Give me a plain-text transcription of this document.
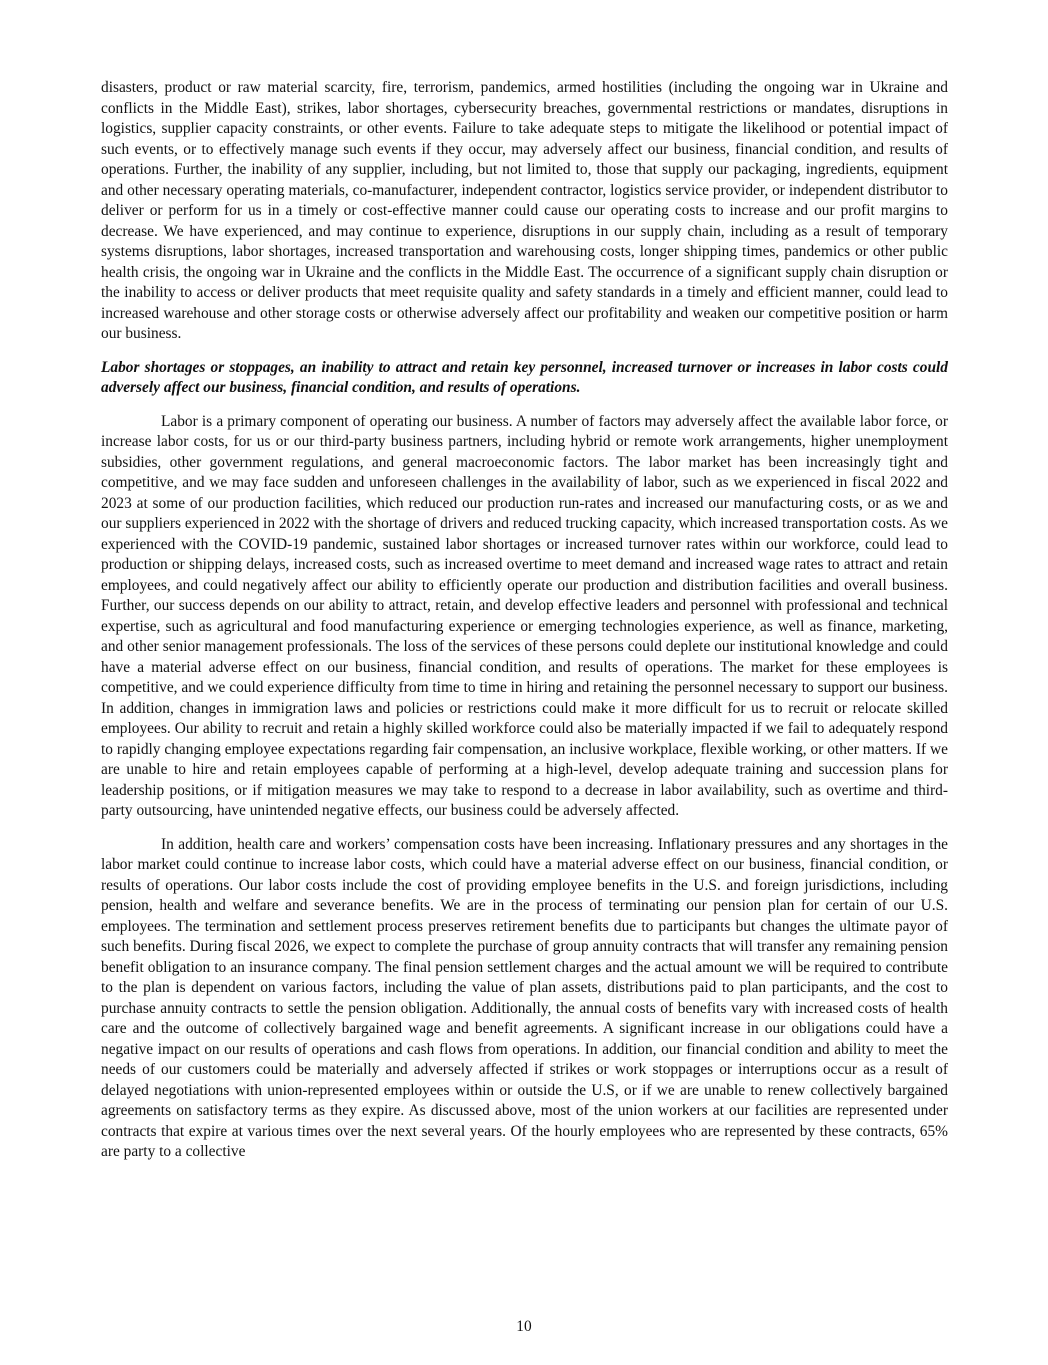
disasters, product or raw material scarcity, fire, terrorism, pandemics, armed hostilities (including the ongoing war in Ukraine and conflicts in the Middle East), strikes, labor shortages, cybersecurity breaches, governmental restrictions or mandates, disruptions in logistics, supplier capacity constraints, or other events. Failure to take adequate steps to mitigate the likelihood or potential impact of such events, or to effectively manage such events if they occur, may adversely affect our business, financial condition, and results of operations. Further, the inability of any supplier, including, but not limited to, those that supply our packaging, ingredients, equipment and other necessary operating materials, co-manufacturer, independent contractor, logistics service provider, or independent distributor to deliver or perform for us in a timely or cost-effective manner could cause our operating costs to increase and our profit margins to decrease. We have experienced, and may continue to experience, disruptions in our supply chain, including as a result of temporary systems disruptions, labor shortages, increased transportation and warehousing costs, longer shipping times, pandemics or other public health crisis, the ongoing war in Ukraine and the conflicts in the Middle East. The occurrence of a significant supply chain disruption or the inability to access or deliver products that meet requisite quality and safety standards in a timely and efficient manner, could lead to increased warehouse and other storage costs or otherwise adversely affect our profitability and weaken our competitive position or harm our business.

Labor shortages or stoppages, an inability to attract and retain key personnel, increased turnover or increases in labor costs could adversely affect our business, financial condition, and results of operations.

Labor is a primary component of operating our business. A number of factors may adversely affect the available labor force, or increase labor costs, for us or our third-party business partners, including hybrid or remote work arrangements, higher unemployment subsidies, other government regulations, and general macroeconomic factors. The labor market has been increasingly tight and competitive, and we may face sudden and unforeseen challenges in the availability of labor, such as we experienced in fiscal 2022 and 2023 at some of our production facilities, which reduced our production run-rates and increased our manufacturing costs, or as we and our suppliers experienced in 2022 with the shortage of drivers and reduced trucking capacity, which increased transportation costs. As we experienced with the COVID-19 pandemic, sustained labor shortages or increased turnover rates within our workforce, could lead to production or shipping delays, increased costs, such as increased overtime to meet demand and increased wage rates to attract and retain employees, and could negatively affect our ability to efficiently operate our production and distribution facilities and overall business. Further, our success depends on our ability to attract, retain, and develop effective leaders and personnel with professional and technical expertise, such as agricultural and food manufacturing experience or emerging technologies experience, as well as finance, marketing, and other senior management professionals. The loss of the services of these persons could deplete our institutional knowledge and could have a material adverse effect on our business, financial condition, and results of operations. The market for these employees is competitive, and we could experience difficulty from time to time in hiring and retaining the personnel necessary to support our business. In addition, changes in immigration laws and policies or restrictions could make it more difficult for us to recruit or relocate skilled employees. Our ability to recruit and retain a highly skilled workforce could also be materially impacted if we fail to adequately respond to rapidly changing employee expectations regarding fair compensation, an inclusive workplace, flexible working, or other matters. If we are unable to hire and retain employees capable of performing at a high-level, develop adequate training and succession plans for leadership positions, or if mitigation measures we may take to respond to a decrease in labor availability, such as overtime and third-party outsourcing, have unintended negative effects, our business could be adversely affected.

In addition, health care and workers’ compensation costs have been increasing. Inflationary pressures and any shortages in the labor market could continue to increase labor costs, which could have a material adverse effect on our business, financial condition, or results of operations. Our labor costs include the cost of providing employee benefits in the U.S. and foreign jurisdictions, including pension, health and welfare and severance benefits. We are in the process of terminating our pension plan for certain of our U.S. employees. The termination and settlement process preserves retirement benefits due to participants but changes the ultimate payor of such benefits. During fiscal 2026, we expect to complete the purchase of group annuity contracts that will transfer any remaining pension benefit obligation to an insurance company. The final pension settlement charges and the actual amount we will be required to contribute to the plan is dependent on various factors, including the value of plan assets, distributions paid to plan participants, and the cost to purchase annuity contracts to settle the pension obligation. Additionally, the annual costs of benefits vary with increased costs of health care and the outcome of collectively bargained wage and benefit agreements. A significant increase in our obligations could have a negative impact on our results of operations and cash flows from operations. In addition, our financial condition and ability to meet the needs of our customers could be materially and adversely affected if strikes or work stoppages or interruptions occur as a result of delayed negotiations with union-represented employees within or outside the U.S, or if we are unable to renew collectively bargained agreements on satisfactory terms as they expire. As discussed above, most of the union workers at our facilities are represented under contracts that expire at various times over the next several years. Of the hourly employees who are represented by these contracts, 65% are party to a collective

10
